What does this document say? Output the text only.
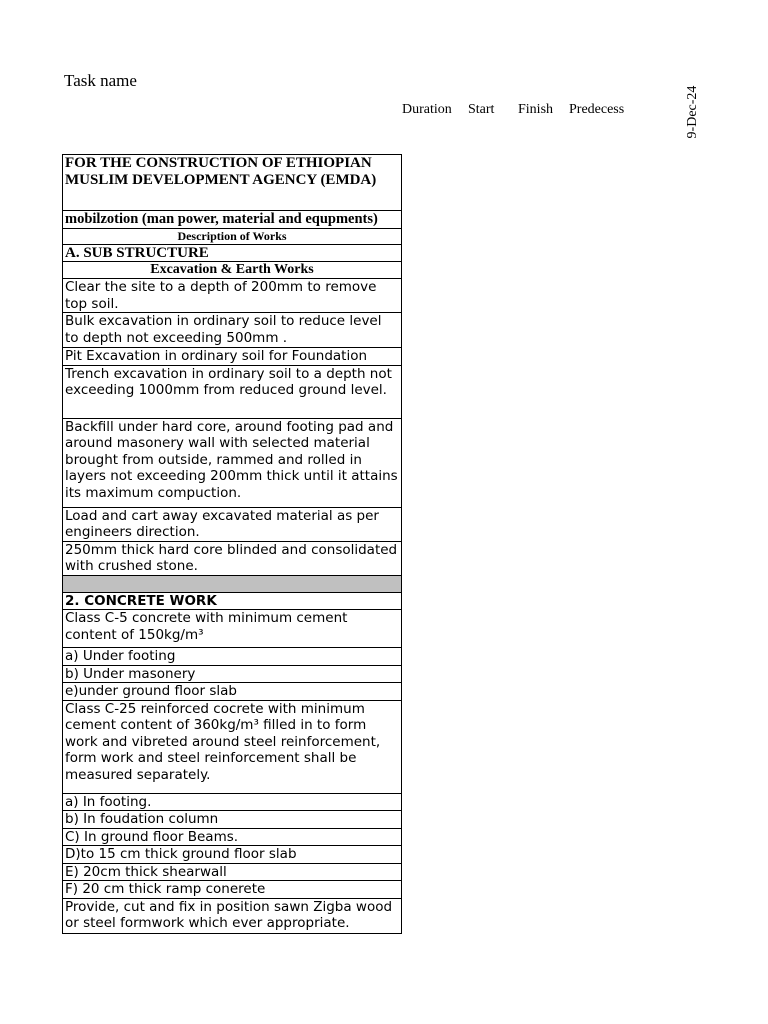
Task name
Duration Start Finish Predecess	9-Dec-24
FOR THE CONSTRUCTION OF ETHIOPIAN MUSLIM DEVELOPMENT AGENCY (EMDA)
mobilzotion (man power, material and equpments)
Description of Works
A. SUB STRUCTURE
Excavation & Earth Works
Clear the site to a depth of 200mm to remove top soil.
Bulk excavation in ordinary soil to reduce level to depth not exceeding 500mm .
Pit Excavation in ordinary soil for Foundation
Trench excavation in ordinary soil to a depth not exceeding 1000mm from reduced ground level.
Backfill under hard core, around footing pad and around masonery wall with selected material brought from outside, rammed and rolled in layers not exceeding 200mm thick until it attains its maximum compuction.
Load and cart away excavated material as per engineers direction.
250mm thick hard core blinded and consolidated with crushed stone.

2. CONCRETE WORK
Class C-5 concrete with minimum cement content of 150kg/m³
a) Under footing
b) Under masonery
e)under ground floor slab
Class C-25 reinforced cocrete with minimum cement content of 360kg/m³ filled in to form work and vibreted around steel reinforcement, form work and steel reinforcement shall be measured separately.
a) In footing.
b) In foudation column
C) In ground floor Beams.
D)to 15 cm thick ground floor slab
E) 20cm thick shearwall
F) 20 cm thick ramp conerete
Provide, cut and fix in position sawn Zigba wood or steel formwork which ever appropriate.
